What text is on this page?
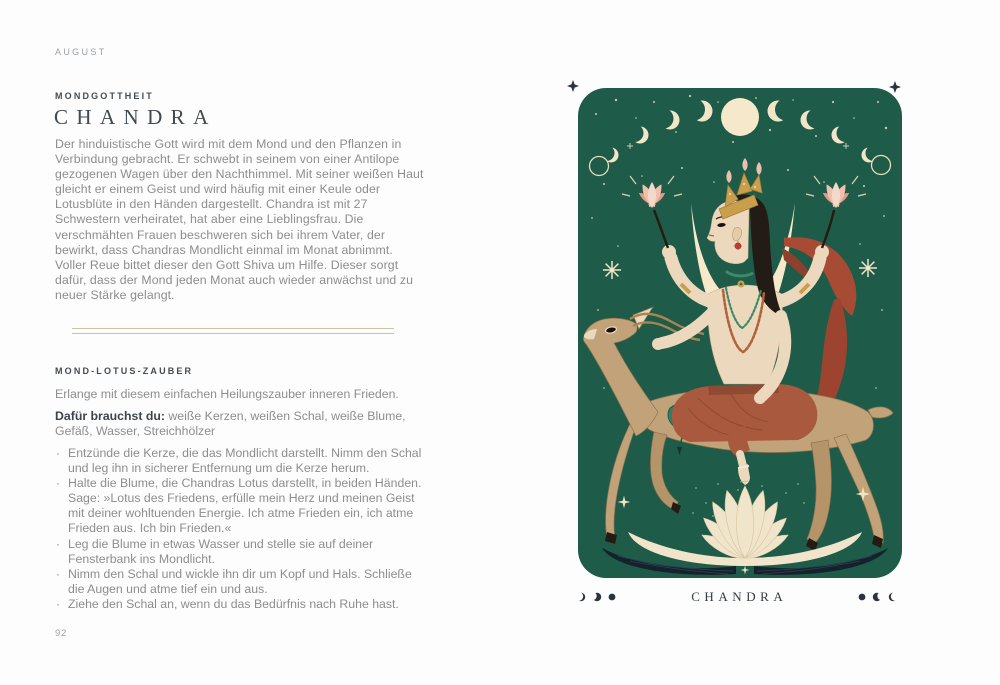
AUGUST
MONDGOTTHEIT
CHANDRA

Der hinduistische Gott wird mit dem Mond und den Pflanzen in Verbindung gebracht. Er schwebt in seinem von einer Antilope gezogenen Wagen über den Nachthimmel. Mit seiner weißen Haut gleicht er einem Geist und wird häufig mit einer Keule oder Lotusblüte in den Händen dargestellt. Chandra ist mit 27 Schwestern verheiratet, hat aber eine Lieblingsfrau. Die verschmähten Frauen beschweren sich bei ihrem Vater, der bewirkt, dass Chandras Mondlicht einmal im Monat abnimmt. Voller Reue bittet dieser den Gott Shiva um Hilfe. Dieser sorgt dafür, dass der Mond jeden Monat auch wieder anwächst und zu neuer Stärke gelangt.

MOND-LOTUS-ZAUBER

Erlange mit diesem einfachen Heilungszauber inneren Frieden.

Dafür brauchst du: weiße Kerzen, weißen Schal, weiße Blume, Gefäß, Wasser, Streichhölzer

· Entzünde die Kerze, die das Mondlicht darstellt. Nimm den Schal und leg ihn in sicherer Entfernung um die Kerze herum.
· Halte die Blume, die Chandras Lotus darstellt, in beiden Händen. Sage: »Lotus des Friedens, erfülle mein Herz und meinen Geist mit deiner wohltuenden Energie. Ich atme Frieden ein, ich atme Frieden aus. Ich bin Frieden.«
· Leg die Blume in etwas Wasser und stelle sie auf deiner Fensterbank ins Mondlicht.
· Nimm den Schal und wickle ihn dir um Kopf und Hals. Schließe die Augen und atme tief ein und aus.
· Ziehe den Schal an, wenn du das Bedürfnis nach Ruhe hast.
92
CHANDRA
